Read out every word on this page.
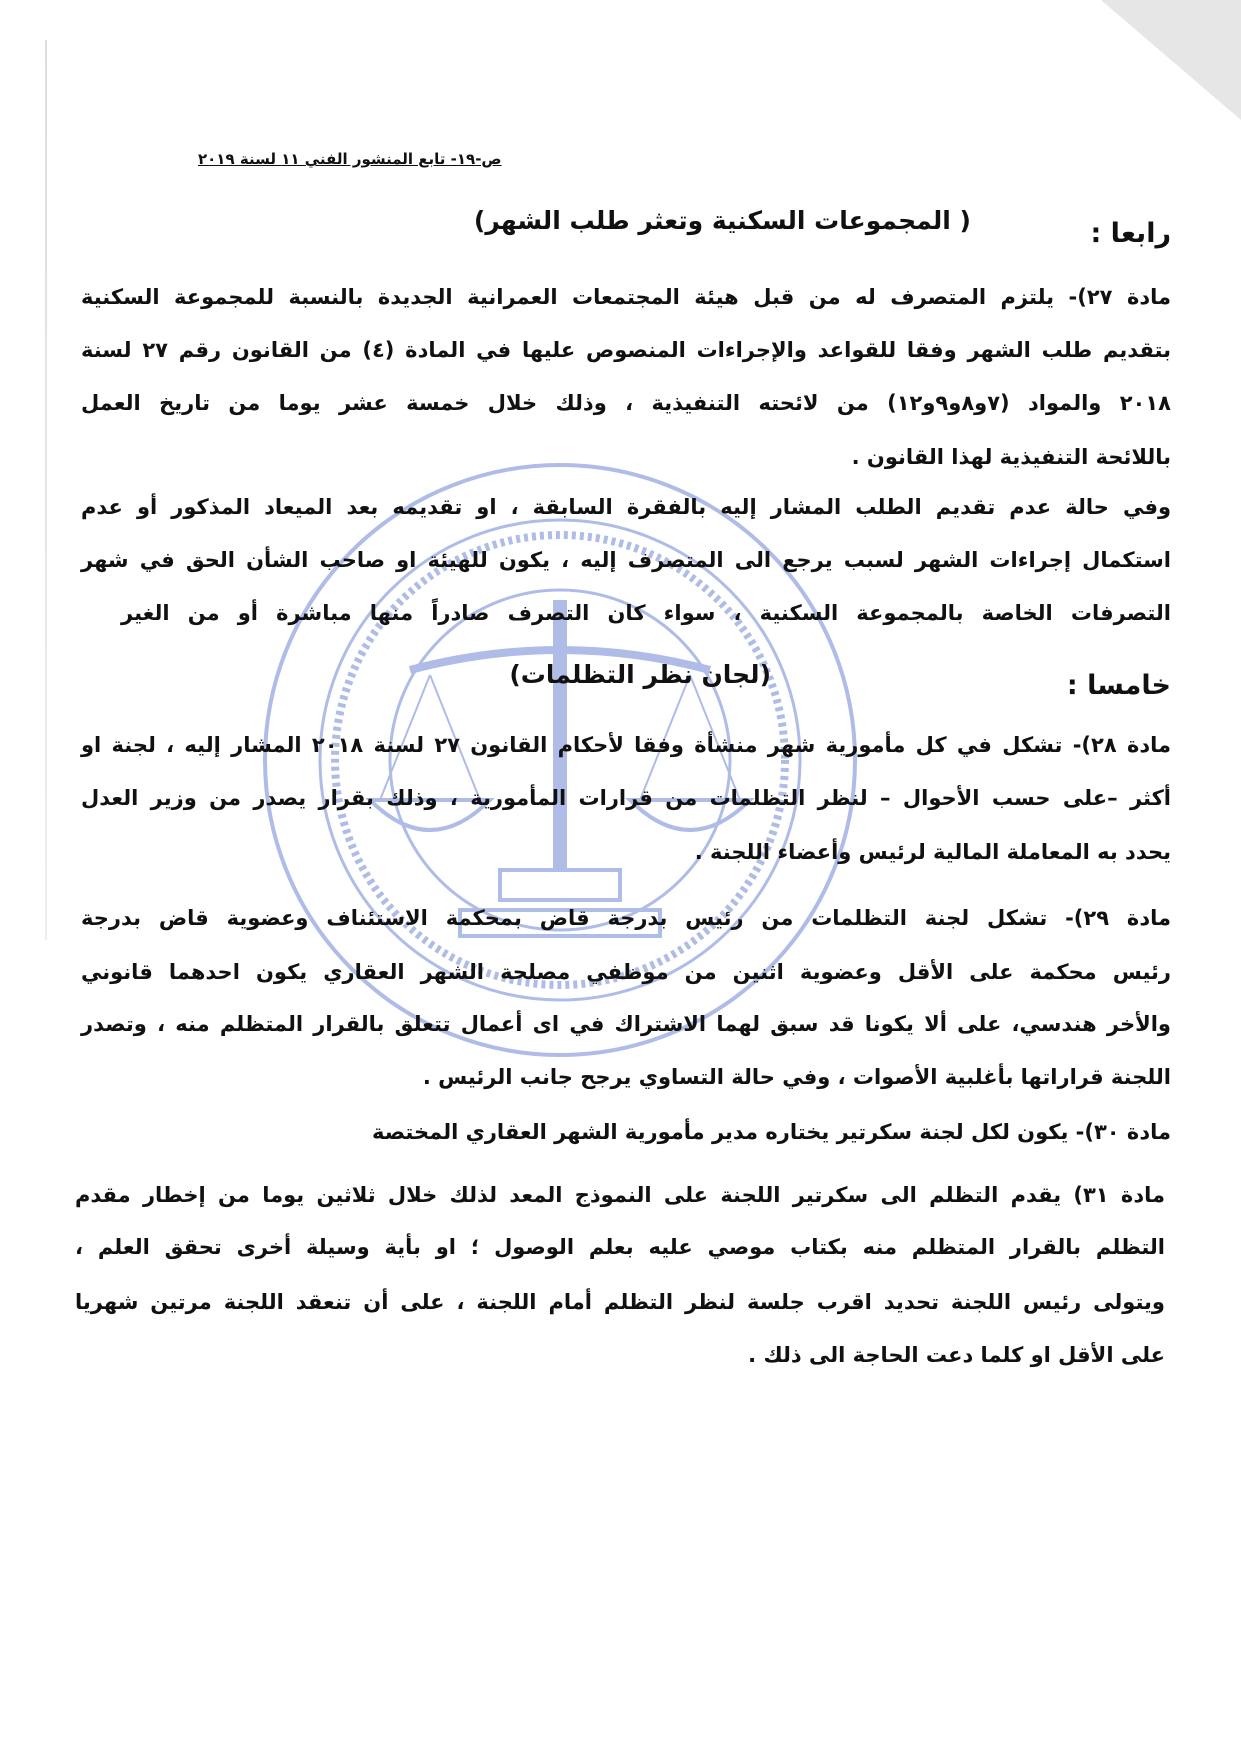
ص-١٩- تابع المنشور الفني ١١ لسنة ٢٠١٩
رابعا :
( المجموعات السكنية وتعثر طلب الشهر)
مادة ٢٧)- يلتزم المتصرف له من قبل هيئة المجتمعات العمرانية الجديدة بالنسبة للمجموعة السكنية
بتقديم طلب الشهر وفقا للقواعد والإجراءات المنصوص عليها في المادة (٤) من القانون رقم ٢٧ لسنة
٢٠١٨ والمواد (٧و٨و٩و١٢) من لائحته التنفيذية ، وذلك خلال خمسة عشر يوما من تاريخ العمل
باللائحة التنفيذية لهذا القانون .
وفي حالة عدم تقديم الطلب المشار إليه بالفقرة السابقة ، او تقديمه بعد الميعاد المذكور أو عدم
استكمال إجراءات الشهر لسبب يرجع الى المتصرف إليه ، يكون للهيئة او صاحب الشأن الحق في شهر
التصرفات الخاصة بالمجموعة السكنية ، سواء كان التصرف صادراً منها مباشرة أو من الغير
خامسا :
(لجان نظر التظلمات)
مادة ٢٨)- تشكل في كل مأمورية شهر منشأة وفقا لأحكام القانون ٢٧ لسنة ٢٠١٨ المشار إليه ، لجنة او
أكثر –على حسب الأحوال – لنظر التظلمات من قرارات المأمورية ، وذلك بقرار يصدر من وزير العدل
يحدد به المعاملة المالية لرئيس وأعضاء اللجنة .
مادة ٢٩)- تشكل لجنة التظلمات من رئيس بدرجة قاض بمحكمة الاستئناف وعضوية قاض بدرجة
رئيس محكمة على الأقل وعضوية اثنين من موظفي مصلحة الشهر العقاري يكون احدهما قانوني
والأخر هندسي، على ألا يكونا قد سبق لهما الاشتراك في اى أعمال تتعلق بالقرار المتظلم منه ، وتصدر
اللجنة قراراتها بأغلبية الأصوات ، وفي حالة التساوي يرجح جانب الرئيس .
مادة ٣٠)- يكون لكل لجنة سكرتير يختاره مدير مأمورية الشهر العقاري المختصة
مادة ٣١) يقدم التظلم الى سكرتير اللجنة على النموذج المعد لذلك خلال ثلاثين يوما من إخطار مقدم
التظلم بالقرار المتظلم منه بكتاب موصي عليه بعلم الوصول ؛ او بأية وسيلة أخرى تحقق العلم ،
ويتولى رئيس اللجنة تحديد اقرب جلسة لنظر التظلم أمام اللجنة ، على أن تنعقد اللجنة مرتين شهريا
على الأقل او كلما دعت الحاجة الى ذلك .
